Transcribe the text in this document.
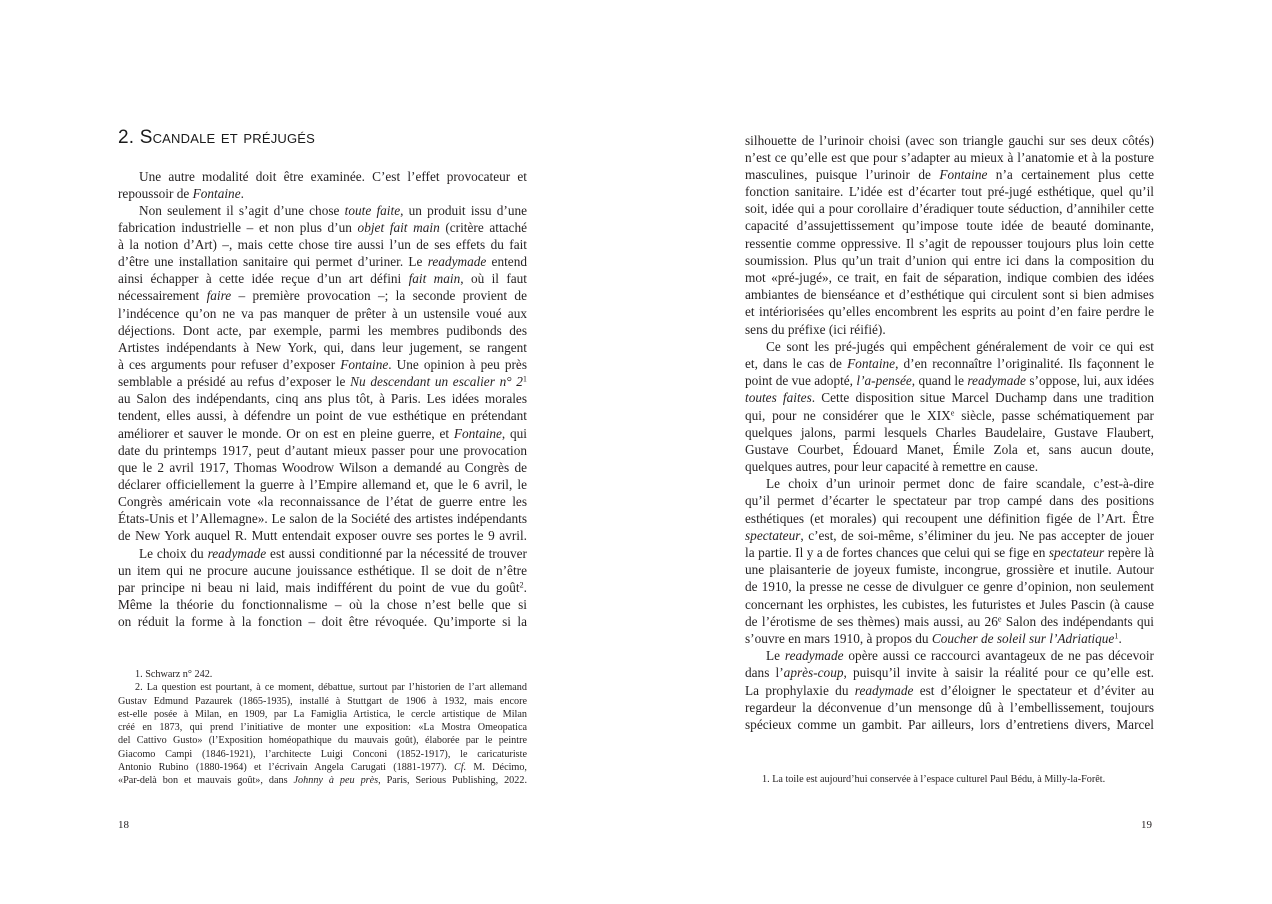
2. Scandale et préjugés
Une autre modalité doit être examinée. C’est l’effet provocateur et
repoussoir de Fontaine.
Non seulement il s’agit d’une chose toute faite, un produit issu d’une
fabrication industrielle – et non plus d’un objet fait main (critère attaché
à la notion d’Art) –, mais cette chose tire aussi l’un de ses effets du fait
d’être une installation sanitaire qui permet d’uriner. Le readymade entend
ainsi échapper à cette idée reçue d’un art défini fait main, où il faut
nécessairement faire – première provocation –; la seconde provient de
l’indécence qu’on ne va pas manquer de prêter à un ustensile voué aux
déjections. Dont acte, par exemple, parmi les membres pudibonds des
Artistes indépendants à New York, qui, dans leur jugement, se rangent
à ces arguments pour refuser d’exposer Fontaine. Une opinion à peu près
semblable a présidé au refus d’exposer le Nu descendant un escalier n° $2^1$
au Salon des indépendants, cinq ans plus tôt, à Paris. Les idées morales
tendent, elles aussi, à défendre un point de vue esthétique en prétendant
améliorer et sauver le monde. Or on est en pleine guerre, et Fontaine, qui
date du printemps 1917, peut d’autant mieux passer pour une provocation
que le 2 avril 1917, Thomas Woodrow Wilson a demandé au Congrès de
déclarer officiellement la guerre à l’Empire allemand et, que le 6 avril, le
Congrès américain vote «la reconnaissance de l’état de guerre entre les
États-Unis et l’Allemagne». Le salon de la Société des artistes indépendants
de New York auquel R. Mutt entendait exposer ouvre ses portes le 9 avril.
Le choix du readymade est aussi conditionné par la nécessité de trouver
un item qui ne procure aucune jouissance esthétique. Il se doit de n’être
par principe ni beau ni laid, mais indifférent du point de vue du goût$^2$.
Même la théorie du fonctionnalisme – où la chose n’est belle que si
on réduit la forme à la fonction – doit être révoquée. Qu’importe si la
1. Schwarz n° 242.
2. La question est pourtant, à ce moment, débattue, surtout par l’historien de l’art allemand
Gustav Edmund Pazaurek (1865-1935), installé à Stuttgart de 1906 à 1932, mais encore
est-elle posée à Milan, en 1909, par La Famiglia Artistica, le cercle artistique de Milan
créé en 1873, qui prend l’initiative de monter une exposition: «La Mostra Omeopatica
del Cattivo Gusto» (l’Exposition homéopathique du mauvais goût), élaborée par le peintre
Giacomo Campi (1846-1921), l’architecte Luigi Conconi (1852-1917), le caricaturiste
Antonio Rubino (1880-1964) et l’écrivain Angela Carugati (1881-1977). Cf. M. Décimo,
«Par-delà bon et mauvais goût», dans Johnny à peu près, Paris, Serious Publishing, 2022.
18
silhouette de l’urinoir choisi (avec son triangle gauchi sur ses deux côtés)
n’est ce qu’elle est que pour s’adapter au mieux à l’anatomie et à la posture
masculines, puisque l’urinoir de Fontaine n’a certainement plus cette
fonction sanitaire. L’idée est d’écarter tout pré-jugé esthétique, quel qu’il
soit, idée qui a pour corollaire d’éradiquer toute séduction, d’annihiler cette
capacité d’assujettissement qu’impose toute idée de beauté dominante,
ressentie comme oppressive. Il s’agit de repousser toujours plus loin cette
soumission. Plus qu’un trait d’union qui entre ici dans la composition du
mot «pré-jugé», ce trait, en fait de séparation, indique combien des idées
ambiantes de bienséance et d’esthétique qui circulent sont si bien admises
et intériorisées qu’elles encombrent les esprits au point d’en faire perdre le
sens du préfixe (ici réifié).
Ce sont les pré-jugés qui empêchent généralement de voir ce qui est
et, dans le cas de Fontaine, d’en reconnaître l’originalité. Ils façonnent le
point de vue adopté, l’a-pensée, quand le readymade s’oppose, lui, aux idées
toutes faites. Cette disposition situe Marcel Duchamp dans une tradition
qui, pour ne considérer que le XIXe siècle, passe schématiquement par
quelques jalons, parmi lesquels Charles Baudelaire, Gustave Flaubert,
Gustave Courbet, Édouard Manet, Émile Zola et, sans aucun doute,
quelques autres, pour leur capacité à remettre en cause.
Le choix d’un urinoir permet donc de faire scandale, c’est-à-dire
qu’il permet d’écarter le spectateur par trop campé dans des positions
esthétiques (et morales) qui recoupent une définition figée de l’Art. Être
spectateur, c’est, de soi-même, s’éliminer du jeu. Ne pas accepter de jouer
la partie. Il y a de fortes chances que celui qui se fige en spectateur repère là
une plaisanterie de joyeux fumiste, incongrue, grossière et inutile. Autour
de 1910, la presse ne cesse de divulguer ce genre d’opinion, non seulement
concernant les orphistes, les cubistes, les futuristes et Jules Pascin (à cause
de l’érotisme de ses thèmes) mais aussi, au 26e Salon des indépendants qui
s’ouvre en mars 1910, à propos du Coucher de soleil sur l’Adriatique$^1$.
Le readymade opère aussi ce raccourci avantageux de ne pas décevoir
dans l’après-coup, puisqu’il invite à saisir la réalité pour ce qu’elle est.
La prophylaxie du readymade est d’éloigner le spectateur et d’éviter au
regardeur la déconvenue d’un mensonge dû à l’embellissement, toujours
spécieux comme un gambit. Par ailleurs, lors d’entretiens divers, Marcel
1. La toile est aujourd’hui conservée à l’espace culturel Paul Bédu, à Milly-la-Forêt.
19
